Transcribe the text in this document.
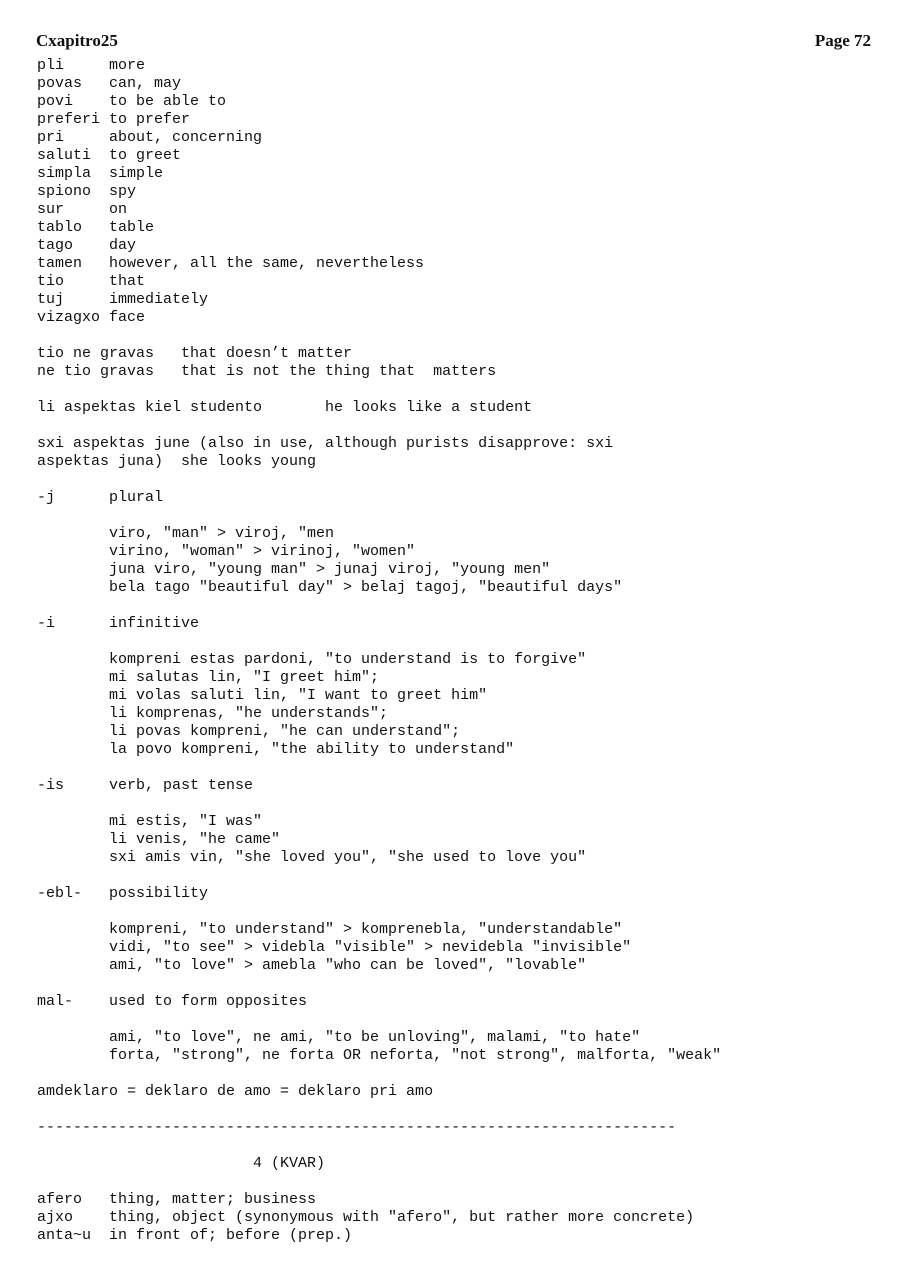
Cxapitro25	Page 72
pli     more
povas   can, may
povi    to be able to
preferi to prefer
pri     about, concerning
saluti  to greet
simpla  simple
spiono  spy
sur     on
tablo   table
tago    day
tamen   however, all the same, nevertheless
tio     that
tuj     immediately
vizagxo face
tio ne gravas   that doesn’t matter
ne tio gravas   that is not the thing that  matters
li aspektas kiel studento       he looks like a student
sxi aspektas june (also in use, although purists disapprove: sxi
aspektas juna)  she looks young
-j      plural
viro, "man" > viroj, "men
virino, "woman" > virinoj, "women"
juna viro, "young man" > junaj viroj, "young men"
bela tago "beautiful day" > belaj tagoj, "beautiful days"
-i      infinitive
kompreni estas pardoni, "to understand is to forgive"
mi salutas lin, "I greet him";
mi volas saluti lin, "I want to greet him"
li komprenas, "he understands";
li povas kompreni, "he can understand";
la povo kompreni, "the ability to understand"
-is     verb, past tense
mi estis, "I was"
li venis, "he came"
sxi amis vin, "she loved you", "she used to love you"
-ebl-   possibility
kompreni, "to understand" > komprenebla, "understandable"
vidi, "to see" > videbla "visible" > nevidebla "invisible"
ami, "to love" > amebla "who can be loved", "lovable"
mal-    used to form opposites
ami, "to love", ne ami, "to be unloving", malami, "to hate"
forta, "strong", ne forta OR neforta, "not strong", malforta, "weak"
amdeklaro = deklaro de amo = deklaro pri amo
-----------------------------------------------------------------------
4 (KVAR)
afero   thing, matter; business
ajxo    thing, object (synonymous with "afero", but rather more concrete)
anta~u  in front of; before (prep.)
